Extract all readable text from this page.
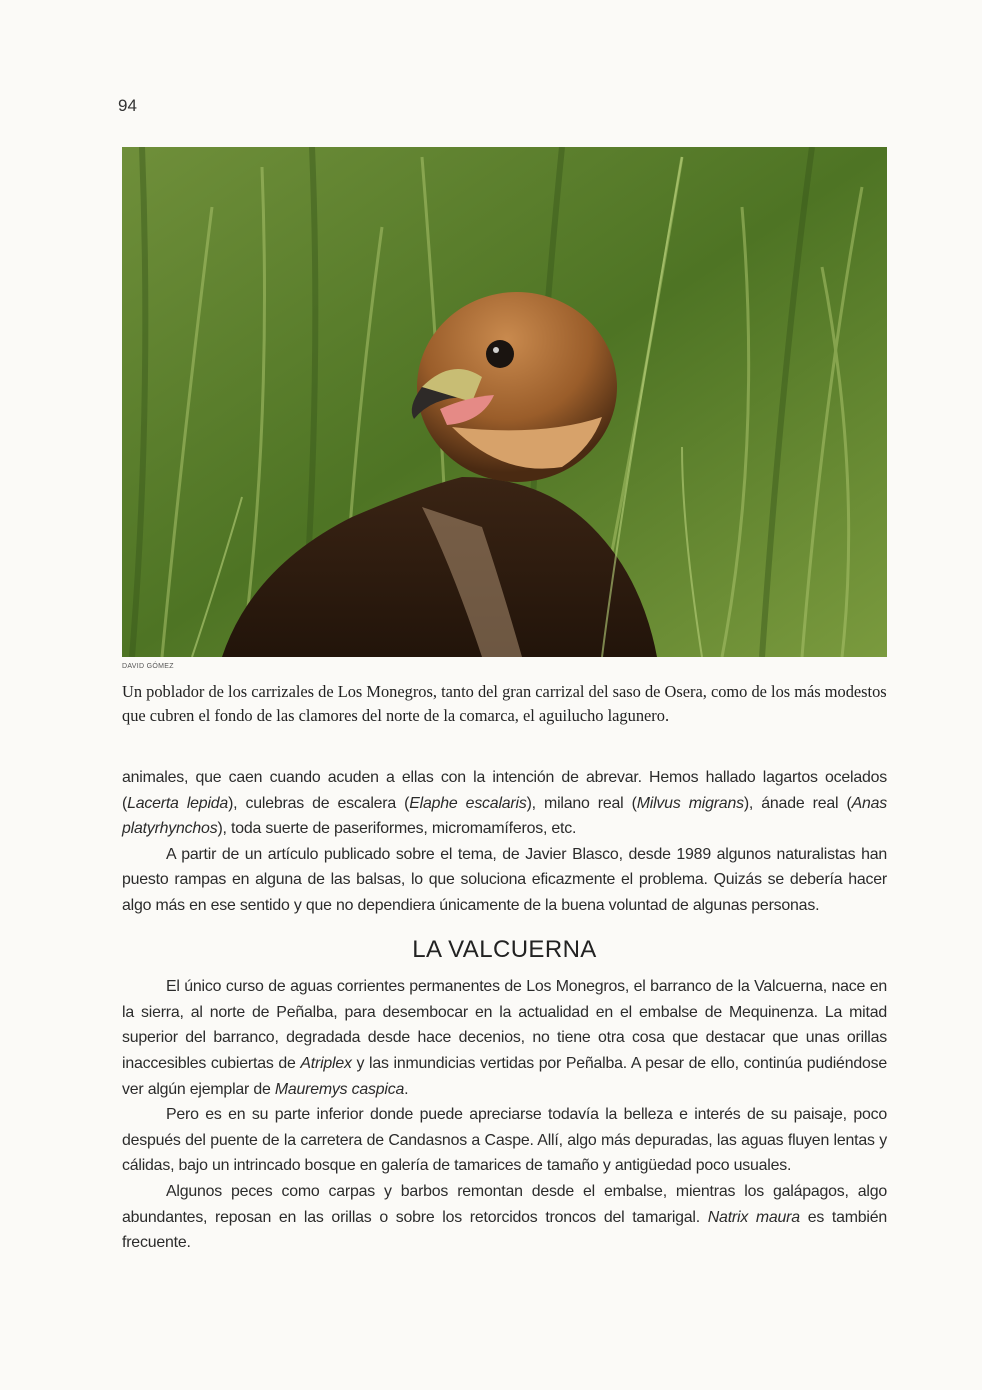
94
DAVID GÓMEZ

Un poblador de los carrizales de Los Monegros, tanto del gran carrizal del saso de Osera, como de los más modestos que cubren el fondo de las clamores del norte de la comarca, el aguilucho lagunero.

animales, que caen cuando acuden a ellas con la intención de abrevar. Hemos hallado lagartos ocelados (Lacerta lepida), culebras de escalera (Elaphe escalaris), milano real (Milvus migrans), ánade real (Anas platyrhynchos), toda suerte de paseriformes, micromamíferos, etc.

A partir de un artículo publicado sobre el tema, de Javier Blasco, desde 1989 algunos naturalistas han puesto rampas en alguna de las balsas, lo que soluciona eficazmente el problema. Quizás se debería hacer algo más en ese sentido y que no dependiera únicamente de la buena voluntad de algunas personas.

LA VALCUERNA

El único curso de aguas corrientes permanentes de Los Monegros, el barranco de la Valcuerna, nace en la sierra, al norte de Peñalba, para desembocar en la actualidad en el embalse de Mequinenza. La mitad superior del barranco, degradada desde hace decenios, no tiene otra cosa que destacar que unas orillas inaccesibles cubiertas de Atriplex y las inmundicias vertidas por Peñalba. A pesar de ello, continúa pudiéndose ver algún ejemplar de Mauremys caspica.

Pero es en su parte inferior donde puede apreciarse todavía la belleza e interés de su paisaje, poco después del puente de la carretera de Candasnos a Caspe. Allí, algo más depuradas, las aguas fluyen lentas y cálidas, bajo un intrincado bosque en galería de tamarices de tamaño y antigüedad poco usuales.

Algunos peces como carpas y barbos remontan desde el embalse, mientras los galápagos, algo abundantes, reposan en las orillas o sobre los retorcidos troncos del tamarigal. Natrix maura es también frecuente.
